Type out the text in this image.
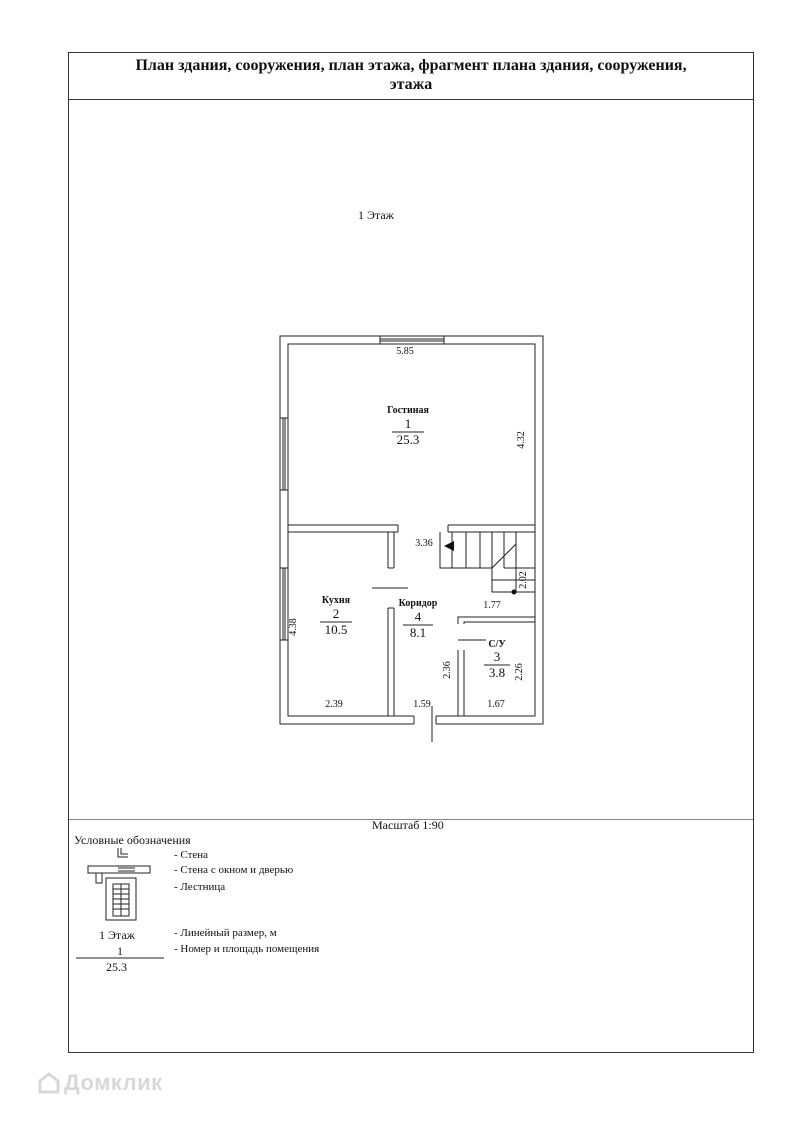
План здания, сооружения, план этажа, фрагмент плана здания, сооружения,
этажа
1 Этаж
Гостиная
1
25.3
Кухня
2
10.5
Коридор
4
8.1
С/У
3
3.8
5.85
4.32
3.36
2.02
1.77
4.38
2.39
2.36
1.59
2.26
1.67
Масштаб 1:90
Условные обозначения
- Стена
- Стена с окном и дверью
- Лестница
- Линейный размер, м
- Номер и площадь помещения
1 Этаж
1
25.3
Домклик
